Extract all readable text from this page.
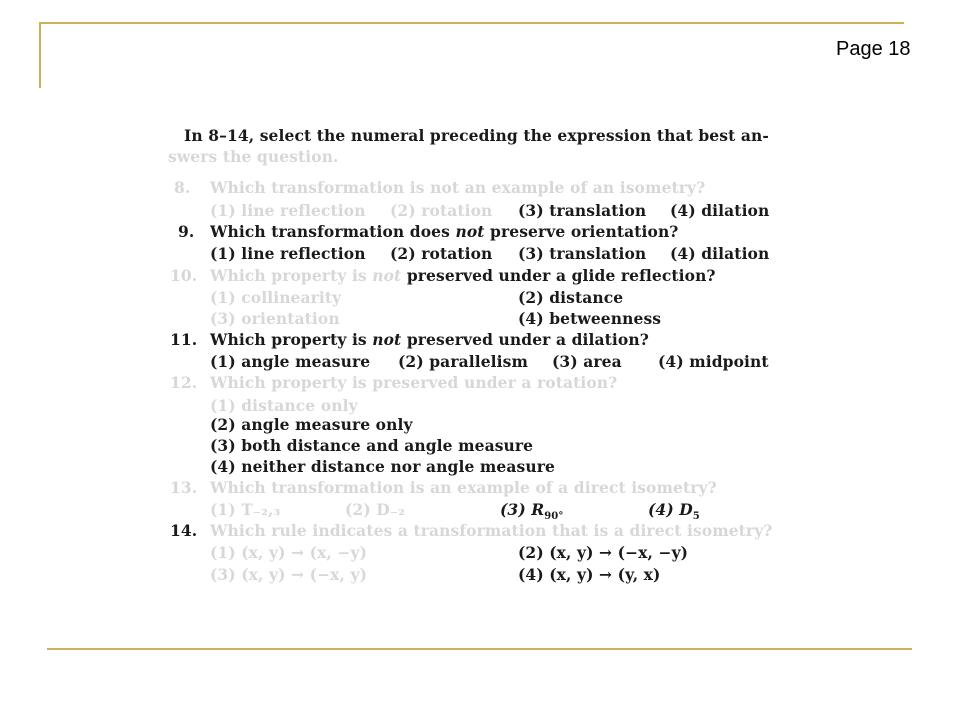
Page 18
In 8–14, select the numeral preceding the expression that best an-
swers the question.
8. Which transformation is not an example of an isometry?
(1) line reflection (2) rotation (3) translation (4) dilation
9. Which transformation does not preserve orientation?
(1) line reflection (2) rotation (3) translation (4) dilation
10. Which property is not preserved under a glide reflection?
(1) collinearity	(2) distance
(3) orientation	(4) betweenness
11. Which property is not preserved under a dilation?
(1) angle measure (2) parallelism (3) area (4) midpoint
12. Which property is preserved under a rotation?
(1) distance only
(2) angle measure only
(3) both distance and angle measure
(4) neither distance nor angle measure
13. Which transformation is an example of a direct isometry?
(1) T₋₂,₃	(2) D₋₂	(3) $R_{90^\circ}$	(4) $D_5$
14. Which rule indicates a transformation that is a direct isometry?
(1) (x, y) → (x, −y)	(2) (x, y) → (−x, −y)
(3) (x, y) → (−x, y)	(4) (x, y) → (y, x)
